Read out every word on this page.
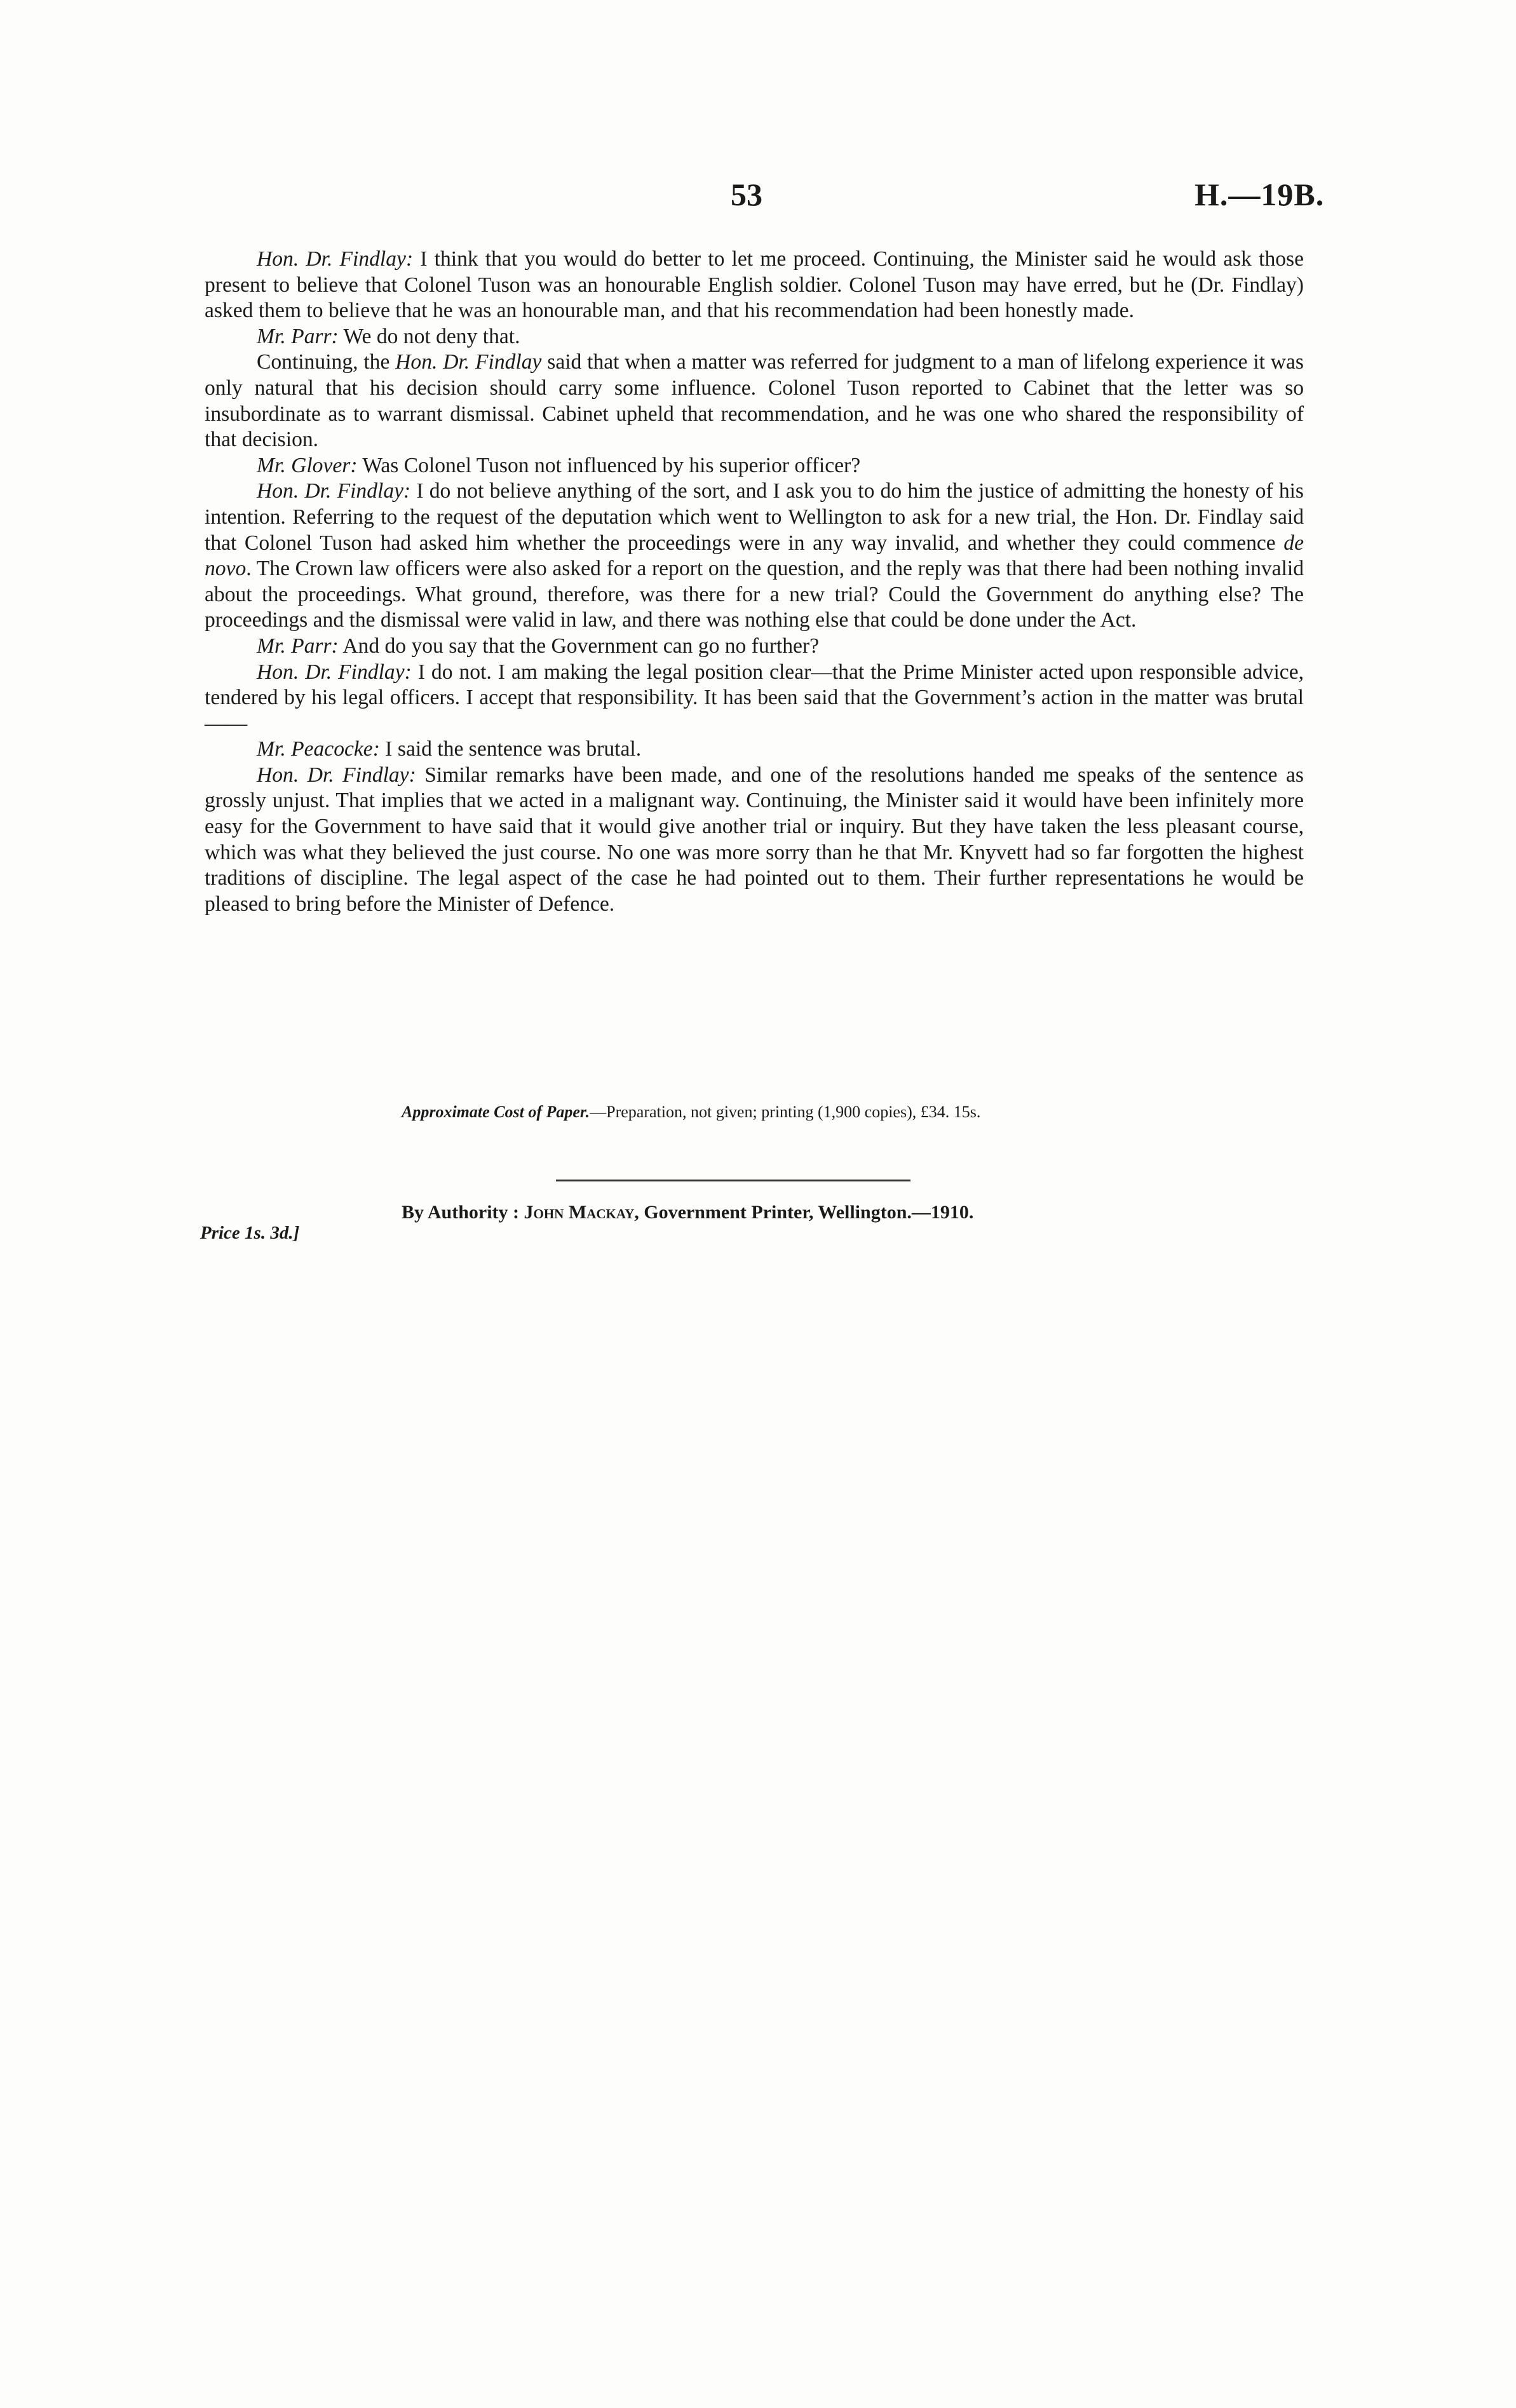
53	H.—19B.

Hon. Dr. Findlay: I think that you would do better to let me proceed. Continuing, the Minister said he would ask those present to believe that Colonel Tuson was an honourable English soldier. Colonel Tuson may have erred, but he (Dr. Findlay) asked them to believe that he was an honourable man, and that his recommendation had been honestly made.

Mr. Parr: We do not deny that.

Continuing, the Hon. Dr. Findlay said that when a matter was referred for judgment to a man of lifelong experience it was only natural that his decision should carry some influence. Colonel Tuson reported to Cabinet that the letter was so insubordinate as to warrant dismissal. Cabinet upheld that recommendation, and he was one who shared the responsibility of that decision.

Mr. Glover: Was Colonel Tuson not influenced by his superior officer?

Hon. Dr. Findlay: I do not believe anything of the sort, and I ask you to do him the justice of admitting the honesty of his intention. Referring to the request of the deputation which went to Wellington to ask for a new trial, the Hon. Dr. Findlay said that Colonel Tuson had asked him whether the proceedings were in any way invalid, and whether they could commence de novo. The Crown law officers were also asked for a report on the question, and the reply was that there had been nothing invalid about the proceedings. What ground, therefore, was there for a new trial? Could the Government do anything else? The proceedings and the dismissal were valid in law, and there was nothing else that could be done under the Act.

Mr. Parr: And do you say that the Government can go no further?

Hon. Dr. Findlay: I do not. I am making the legal position clear—that the Prime Minister acted upon responsible advice, tendered by his legal officers. I accept that responsibility. It has been said that the Government’s action in the matter was brutal——

Mr. Peacocke: I said the sentence was brutal.

Hon. Dr. Findlay: Similar remarks have been made, and one of the resolutions handed me speaks of the sentence as grossly unjust. That implies that we acted in a malignant way. Continuing, the Minister said it would have been infinitely more easy for the Government to have said that it would give another trial or inquiry. But they have taken the less pleasant course, which was what they believed the just course. No one was more sorry than he that Mr. Knyvett had so far forgotten the highest traditions of discipline. The legal aspect of the case he had pointed out to them. Their further representations he would be pleased to bring before the Minister of Defence.

Approximate Cost of Paper.—Preparation, not given; printing (1,900 copies), £34. 15s.
By Authority : John Mackay, Government Printer, Wellington.—1910.
Price 1s. 3d.]
